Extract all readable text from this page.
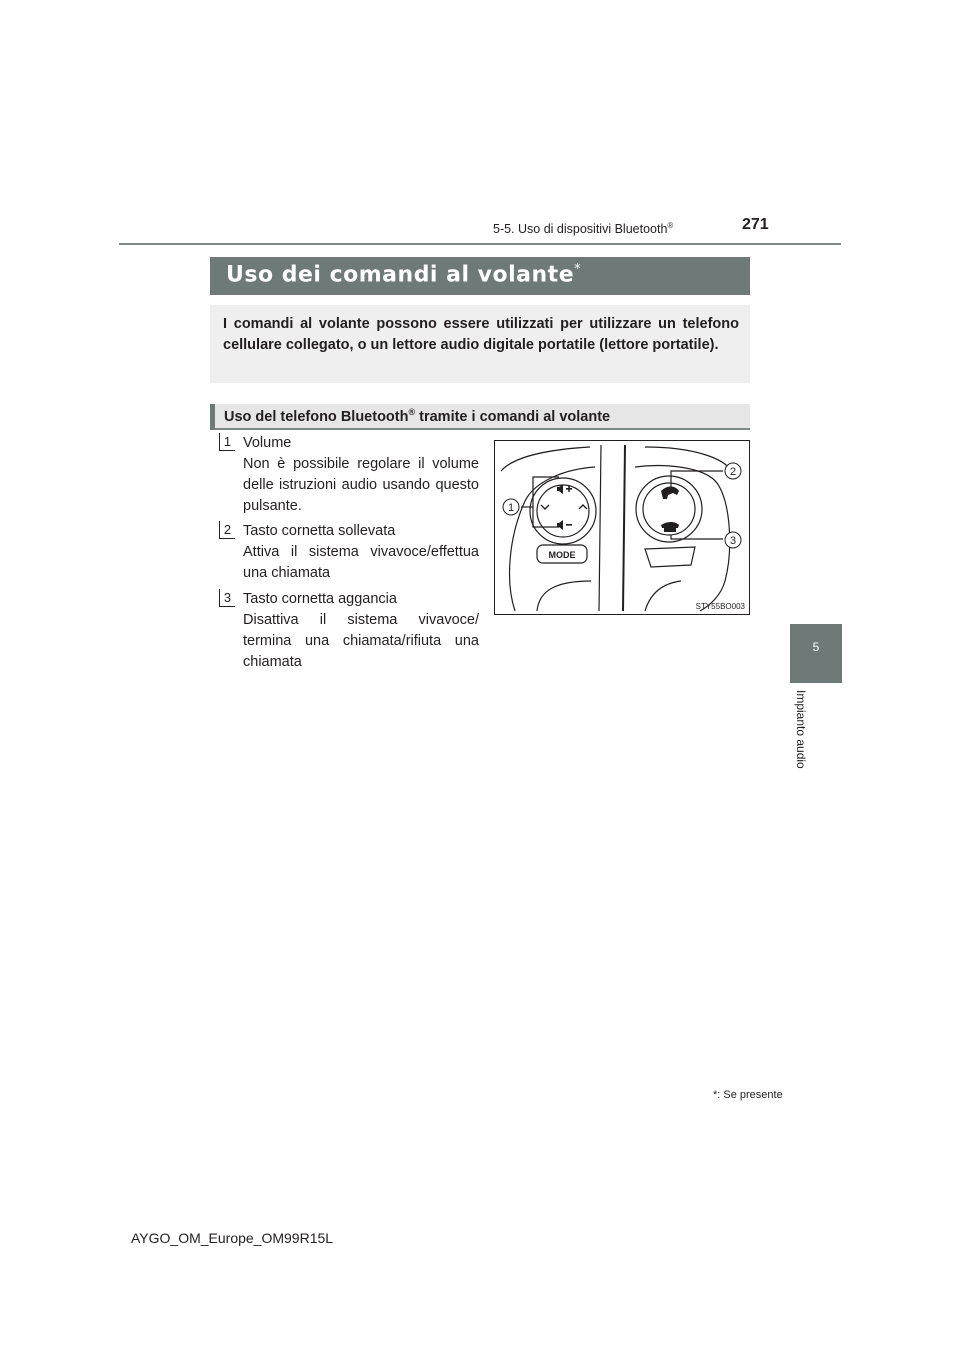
5-5. Uso di dispositivi Bluetooth®	271
5
Impianto audio
Uso dei comandi al volante*
I comandi al volante possono essere utilizzati per utilizzare un telefono cellulare collegato, o un lettore audio digitale portatile (lettore portatile).
Uso del telefono Bluetooth® tramite i comandi al volante
1 Volume
Non è possibile regolare il volume delle istruzioni audio usando questo pulsante.
2 Tasto cornetta sollevata
Attiva il sistema vivavoce/effettua una chiamata
3 Tasto cornetta aggancia
Disattiva il sistema vivavoce/ termina una chiamata/rifiuta una chiamata
MODE
1
2
3
STY55BO003
*: Se presente
AYGO_OM_Europe_OM99R15L
